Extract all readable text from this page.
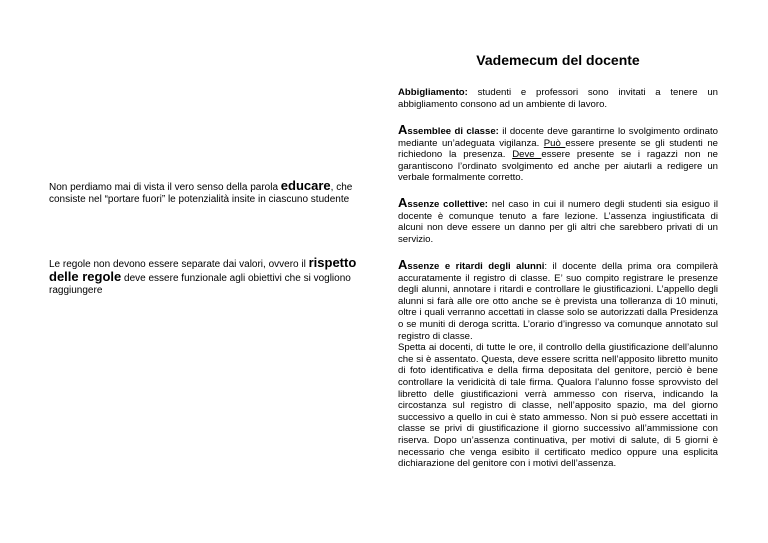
Non perdiamo mai di vista il vero senso della parola educare, che consiste nel “portare fuori” le potenzialità insite in ciascuno studente
Le regole non devono essere separate dai valori, ovvero il rispetto delle regole deve essere funzionale agli obiettivi che si vogliono raggiungere
Vademecum del docente

Abbigliamento: studenti e professori sono invitati a tenere un abbigliamento consono ad un ambiente di lavoro.

Assemblee di classe: il docente deve garantirne lo svolgimento ordinato mediante un’adeguata vigilanza. Può essere presente se gli studenti ne richiedono la presenza. Deve essere presente se i ragazzi non ne garantiscono l’ordinato svolgimento ed anche per aiutarli a redigere un verbale formalmente corretto.

Assenze collettive: nel caso in cui il numero degli studenti sia esiguo il docente è comunque tenuto a fare lezione. L’assenza ingiustificata di alcuni non deve essere un danno per gli altri che sarebbero privati di un servizio.

Assenze e ritardi degli alunni: il docente della prima ora compilerà accuratamente il registro di classe. E’ suo compito registrare le presenze degli alunni, annotare i ritardi e controllare le giustificazioni. L’appello degli alunni si farà alle ore otto anche se è prevista una tolleranza di 10 minuti, oltre i quali verranno accettati in classe solo se autorizzati dalla Presidenza o se muniti di deroga scritta. L’orario d’ingresso va comunque annotato sul registro di classe.

Spetta ai docenti, di tutte le ore, il controllo della giustificazione dell’alunno che si è assentato. Questa, deve essere scritta nell’apposito libretto munito di foto identificativa e della firma depositata del genitore, perciò è bene controllare la veridicità di tale firma. Qualora l’alunno fosse sprovvisto del libretto delle giustificazioni verrà ammesso con riserva, indicando la circostanza sul registro di classe, nell’apposito spazio, ma del giorno successivo a quello in cui è stato ammesso. Non si può essere accettati in classe se privi di giustificazione il giorno successivo all’ammissione con riserva. Dopo un’assenza continuativa, per motivi di salute, di 5 giorni è necessario che venga esibito il certificato medico oppure una esplicita dichiarazione del genitore con i motivi dell’assenza.
